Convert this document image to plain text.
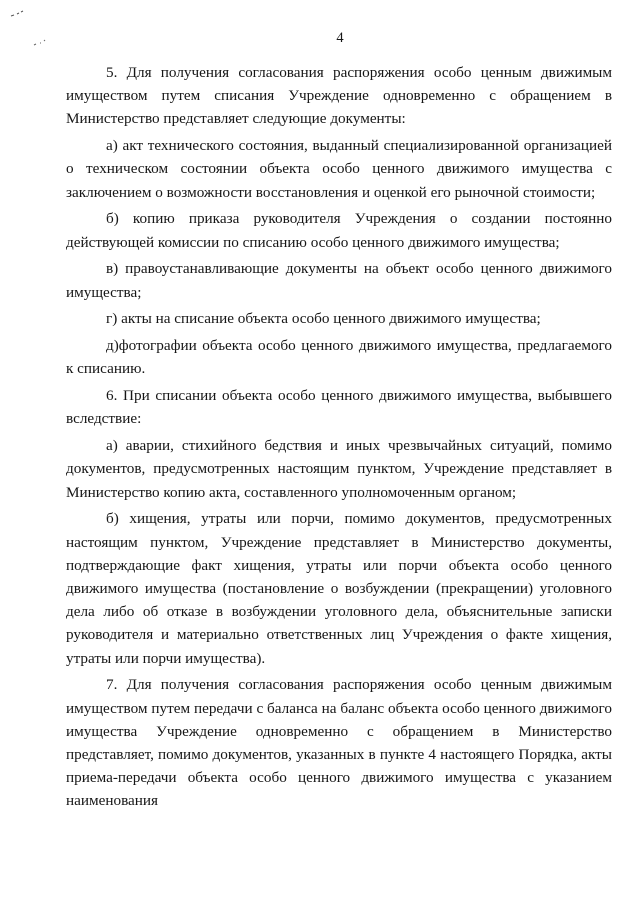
4

5. Для получения согласования распоряжения особо ценным движимым имуществом путем списания Учреждение одновременно с обращением в Министерство представляет следующие документы:

а) акт технического состояния, выданный специализированной организацией о техническом состоянии объекта особо ценного движимого имущества с заключением о возможности восстановления и оценкой его рыночной стоимости;

б) копию приказа руководителя Учреждения о создании постоянно действующей комиссии по списанию особо ценного движимого имущества;

в) правоустанавливающие документы на объект особо ценного движимого имущества;

г) акты на списание объекта особо ценного движимого имущества;

д)фотографии объекта особо ценного движимого имущества, предлагаемого к списанию.

6. При списании объекта особо ценного движимого имущества, выбывшего вследствие:

а) аварии, стихийного бедствия и иных чрезвычайных ситуаций, помимо документов, предусмотренных настоящим пунктом, Учреждение представляет в Министерство копию акта, составленного уполномоченным органом;

б) хищения, утраты или порчи, помимо документов, предусмотренных настоящим пунктом, Учреждение представляет в Министерство документы, подтверждающие факт хищения, утраты или порчи объекта особо ценного движимого имущества (постановление о возбуждении (прекращении) уголовного дела либо об отказе в возбуждении уголовного дела, объяснительные записки руководителя и материально ответственных лиц Учреждения о факте хищения, утраты или порчи имущества).

7. Для получения согласования распоряжения особо ценным движимым имуществом путем передачи с баланса на баланс объекта особо ценного движимого имущества Учреждение одновременно с обращением в Министерство представляет, помимо документов, указанных в пункте 4 настоящего Порядка, акты приема-передачи объекта особо ценного движимого имущества с указанием наименования
